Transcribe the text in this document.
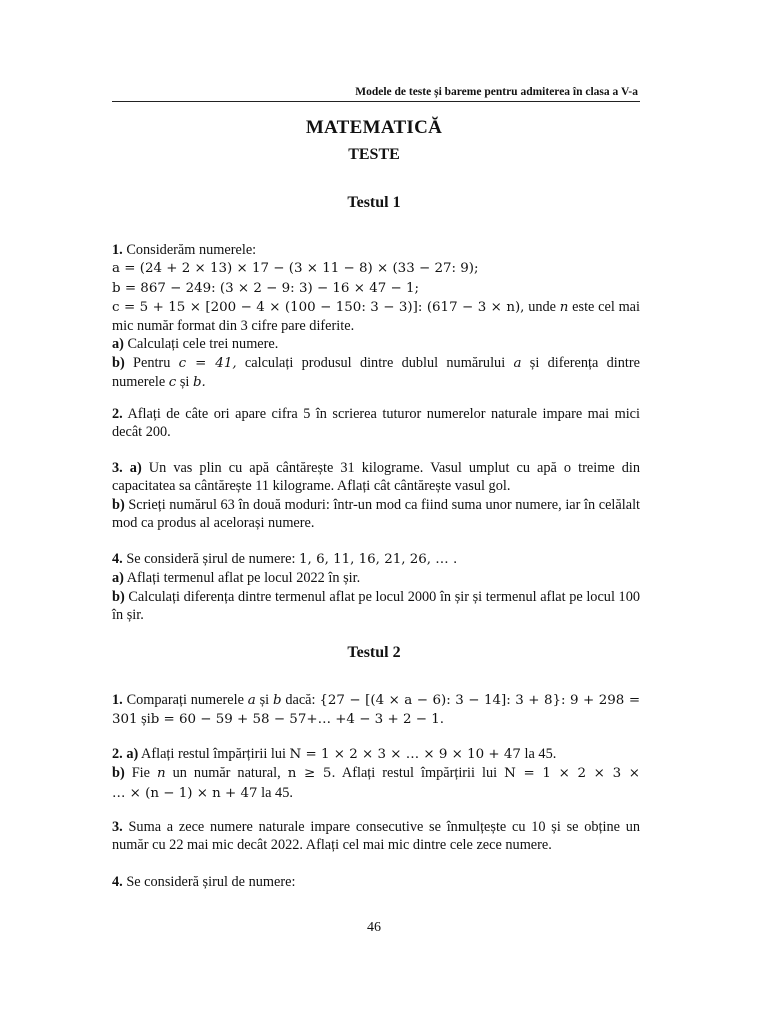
Modele de teste și bareme pentru admiterea în clasa a V-a
MATEMATICĂ
TESTE
Testul 1

1. Considerăm numerele:

a = (24 + 2 × 13) × 17 − (3 × 11 − 8) × (33 − 27: 9);

b = 867 − 249: (3 × 2 − 9: 3) − 16 × 47 − 1;

c = 5 + 15 × [200 − 4 × (100 − 150: 3 − 3)]: (617 − 3 × n), unde n este cel mai

mic număr format din 3 cifre pare diferite.

a) Calculați cele trei numere.

b) Pentru c = 41, calculați produsul dintre dublul numărului a și diferența dintre

numerele c și b.

2. Aflați de câte ori apare cifra 5 în scrierea tuturor numerelor naturale impare mai mici decât 200.

3. a) Un vas plin cu apă cântărește 31 kilograme. Vasul umplut cu apă o treime din capacitatea sa cântărește 11 kilograme. Aflați cât cântărește vasul gol.

b) Scrieți numărul 63 în două moduri: într-un mod ca fiind suma unor numere, iar în celălalt mod ca produs al acelorași numere.

4. Se consideră șirul de numere: 1, 6, 11, 16, 21, 26, … .

a) Aflați termenul aflat pe locul 2022 în șir.

b) Calculați diferența dintre termenul aflat pe locul 2000 în șir și termenul aflat pe locul 100 în șir.

Testul 2

1. Comparați numerele a și b dacă: {27 − [(4 × a − 6): 3 − 14]: 3 + 8}: 9 + 298 =

301 șib = 60 − 59 + 58 − 57+… +4 − 3 + 2 − 1.

2. a) Aflați restul împărțirii lui N = 1 × 2 × 3 × … × 9 × 10 + 47 la 45.

b) Fie n un număr natural, n ≥ 5. Aflați restul împărțirii lui N = 1 × 2 × 3 ×

… × (n − 1) × n + 47 la 45.

3. Suma a zece numere naturale impare consecutive se înmulțește cu 10 și se obține un număr cu 22 mai mic decât 2022. Aflați cel mai mic dintre cele zece numere.

4. Se consideră șirul de numere:

46
